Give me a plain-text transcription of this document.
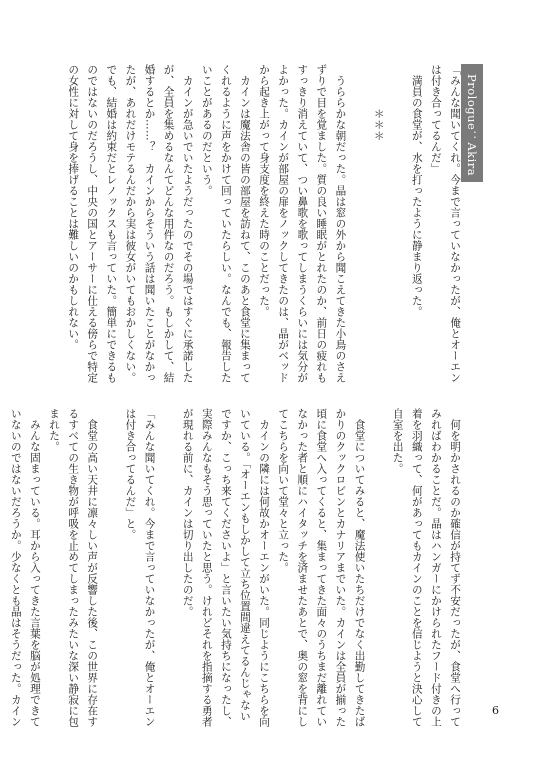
Prologue：Akira
「みんな聞いてくれ。今まで言っていなかったが、俺とオーエン
は付き合ってるんだ」
　満員の食堂が、水を打ったように静まり返った。
　　　　＊＊＊
　うららかな朝だった。晶は窓の外から聞こえてきた小鳥のさえ
ずりで目を覚ました。質の良い睡眠がとれたのか、前日の疲れも
すっきり消えていて、つい鼻歌を歌ってしまうくらいには気分が
よかった。カインが部屋の扉をノックしてきたのは、晶がベッド
から起き上がって身支度を終えた時のことだった。
　カインは魔法舎の皆の部屋を訪ねて、このあと食堂に集まって
くれるように声をかけて回っていたらしい。なんでも、報告した
いことがあるのだという。
　カインが急いでいたようだったのでその場ではすぐに承諾した
が、全員を集めるなんてどんな用件なのだろう。もしかして、結
婚するとか……？　カインからそういう話は聞いたことがなかっ
たが、あれだけモテるんだから実は彼女がいてもおかしくない。
でも、結婚は約束だとレノックスも言っていた。簡単にできるも
のではないのだろうし、中央の国とアーサーに仕える傍らで特定
の女性に対して身を捧げることは難しいのかもしれない。
　何を明かされるのか確信が持てず不安だったが、食堂へ行って
みればわかることだ。晶はハンガーにかけられたフード付きの上
着を羽織って、何があってもカインのことを信じようと決心して
自室を出た。
　食堂についてみると、魔法使いたちだけでなく出勤してきたば
かりのクックロビンとカナリアまでいた。カインは全員が揃った
頃に食堂へ入ってくると、集まってきた面々のうちまだ離れてい
なかった者と順にハイタッチを済ませたあとで、奥の窓を背にし
てこちらを向いて堂々と立った。
　カインの隣には何故かオーエンがいた。同じようにこちらを向
いている。「オーエンもしかして立ち位置間違えてるんじゃない
ですか、こっち来てくださいよ」と言いたい気持ちになったし、
実際みんなもそう思っていたと思う。けれどそれを指摘する勇者
が現れる前に、カインは切り出したのだ。
「みんな聞いてくれ。今まで言っていなかったが、俺とオーエン
は付き合ってるんだ」と。
　食堂の高い天井に凛々しい声が反響した後、この世界に存在す
るすべての生き物が呼吸を止めてしまったみたいな深い静寂に包
まれた。
　みんな固まっている。耳から入ってきた言葉を脳が処理できて
いないのではないだろうか。少なくとも晶はそうだった。カイン	6
